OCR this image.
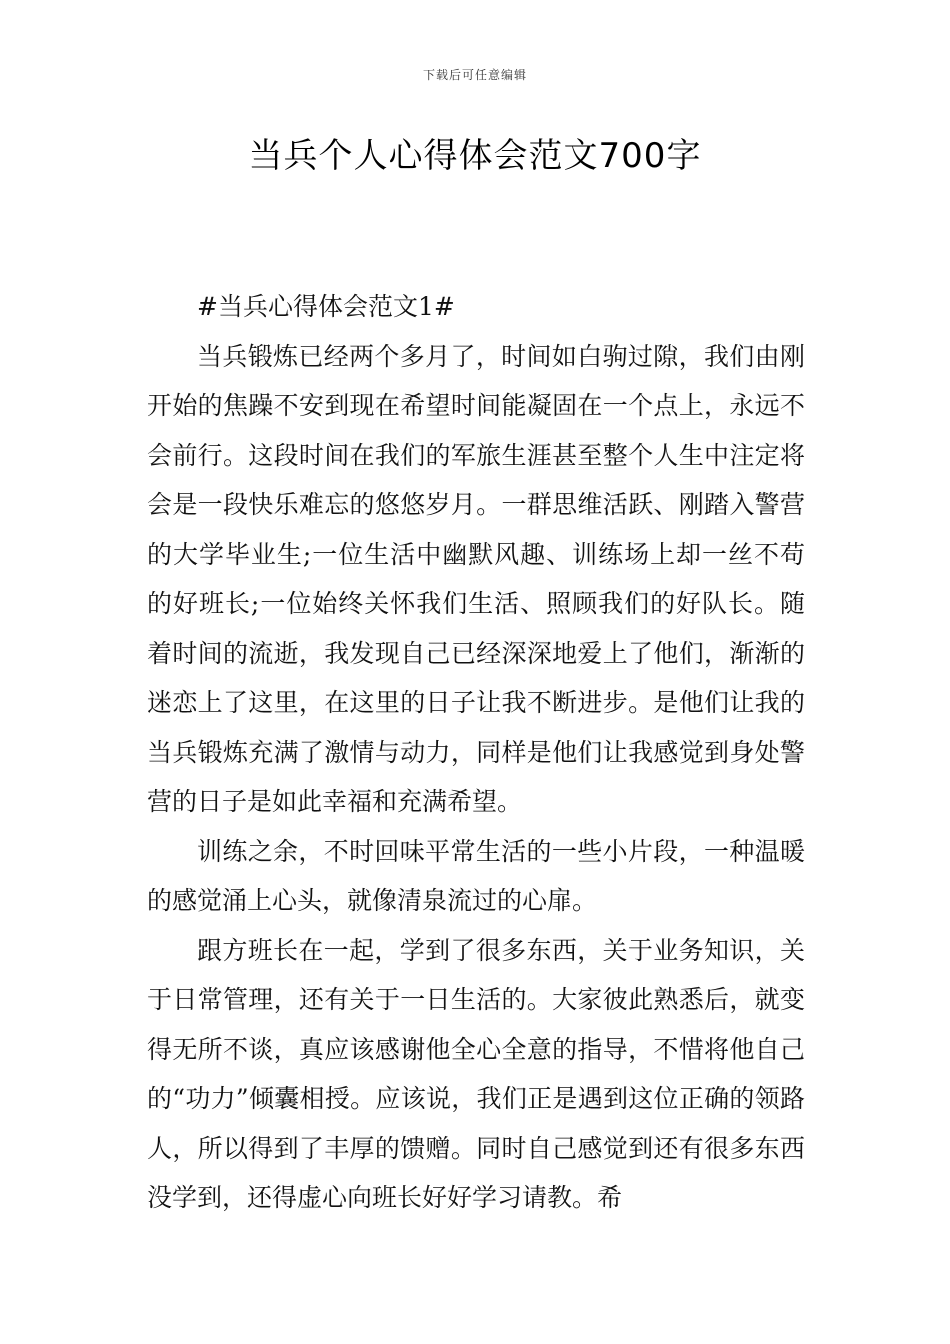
下载后可任意编辑
当兵个人心得体会范文700字

#当兵心得体会范文1#

当兵锻炼已经两个多月了，时间如白驹过隙，我们由刚开始的焦躁不安到现在希望时间能凝固在一个点上，永远不会前行。这段时间在我们的军旅生涯甚至整个人生中注定将会是一段快乐难忘的悠悠岁月。一群思维活跃、刚踏入警营的大学毕业生;一位生活中幽默风趣、训练场上却一丝不苟的好班长;一位始终关怀我们生活、照顾我们的好队长。随着时间的流逝，我发现自己已经深深地爱上了他们，渐渐的迷恋上了这里，在这里的日子让我不断进步。是他们让我的当兵锻炼充满了激情与动力，同样是他们让我感觉到身处警营的日子是如此幸福和充满希望。

训练之余，不时回味平常生活的一些小片段，一种温暖的感觉涌上心头，就像清泉流过的心扉。

跟方班长在一起，学到了很多东西，关于业务知识，关于日常管理，还有关于一日生活的。大家彼此熟悉后，就变得无所不谈，真应该感谢他全心全意的指导，不惜将他自己的“功力”倾囊相授。应该说，我们正是遇到这位正确的领路人，所以得到了丰厚的馈赠。同时自己感觉到还有很多东西没学到，还得虚心向班长好好学习请教。希
